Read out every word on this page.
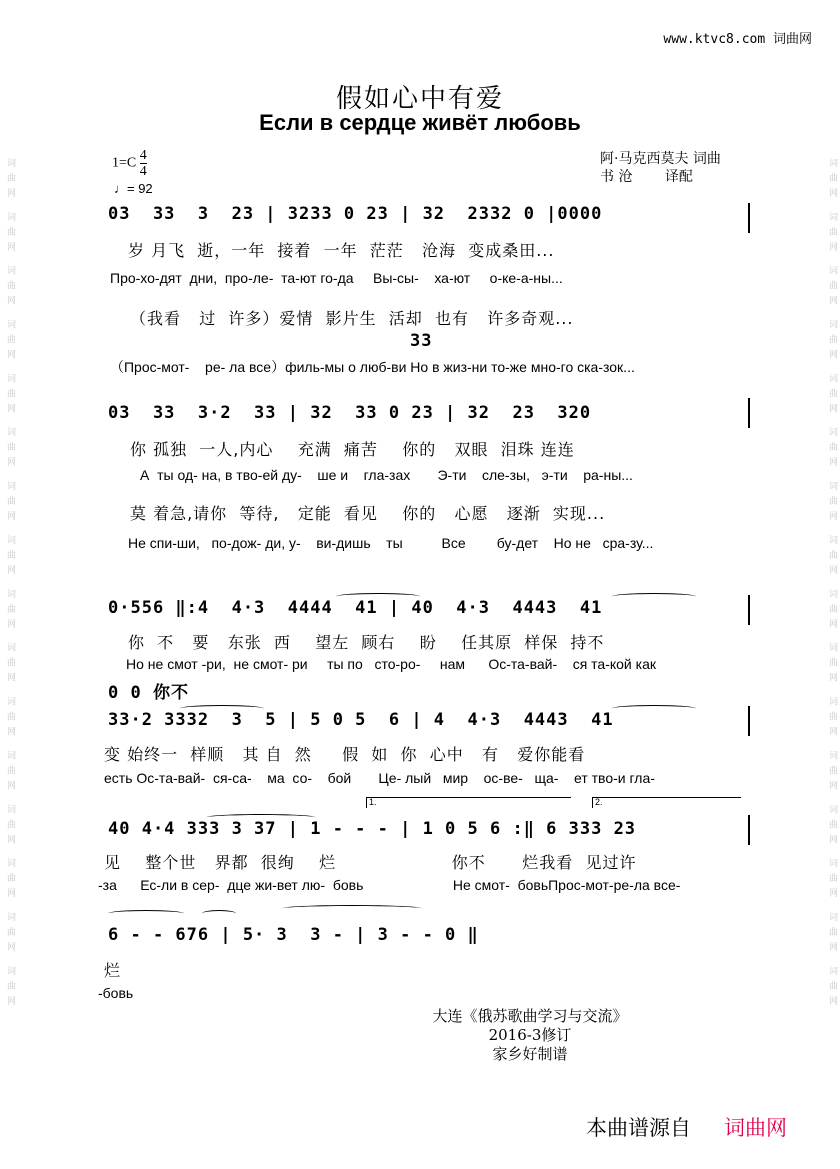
词曲网 词曲网 词曲网 词曲网 词曲网 词曲网 词曲网 词曲网 词曲网 词曲网 词曲网 词曲网 词曲网 词曲网 词曲网 词曲网	词曲网 词曲网 词曲网 词曲网 词曲网 词曲网 词曲网 词曲网 词曲网 词曲网 词曲网 词曲网 词曲网 词曲网 词曲网 词曲网
www.ktvc8.com 词曲网
假如心中有爱
Если в сердце живёт любовь
$1=C \frac{4}{4}$
♩= 92
阿·马克西莫夫 词曲
书 沧 译配
03  33  3  23 | 3233 0 23 | 32  2332 0 |0000
岁 月飞  逝，一年  接着  一年  茫茫   沧海  变成桑田...
Про-хо-дят  дни,  про-ле-  та-ют го-да     Вы-сы-    ха-ют     о-ке-а-ны...
（我看   过  许多）爱情  影片生  活却  也有   许多奇观...
33
（Прос-мот-    ре- ла все）филь-мы о люб-ви Но в жиз-ни то-же мно-го ска-зок...
03  33  3·2  33 | 32  33 0 23 | 32  23  320
你 孤独  一人,内心    充满  痛苦    你的   双眼  泪珠 连连
А  ты од- на, в тво-ей ду-    ше и    гла-зах       Э-ти    сле-зы,   э-ти    ра-ны...
莫 着急,请你  等待,   定能  看见    你的   心愿   逐渐  实现...
Не спи-ши,   по-дож- ди, у-    ви-дишь    ты          Все        бу-дет    Но не   сра-зу...
0·556 ‖:4  4·3  4444  41 | 40  4·3  4443  41
你  不   要   东张  西    望左  顾右    盼    任其原  样保  持不
Но не смот -ри,  не смот- ри     ты по   сто-ро-     нам      Ос-та-вай-    ся та-кой как
0 0 你不
33·2 3332  3  5 | 5 0 5  6 | 4  4·3  4443  41
变 始终一  样顺   其 自  然     假  如  你  心中   有   爱你能看
есть Ос-та-вай-  ся-са-    ма  со-    бой       Це- лый   мир    ос-ве-   ща-    ет тво-и гла-
1.	2.
40 4·4 333 3 37 | 1 - - - | 1 0 5 6 :‖ 6 333 23
见    整个世   界都  很绚    烂                   你不      烂我看  见过许
-за      Ес-ли в сер-  дце жи-вет лю-  бовь                       Не смот-  бовьПрос-мот-ре-ла все-
6 - - 676 | 5· 3  3 - | 3 - - 0 ‖
烂
-бовь
大连《俄苏歌曲学习与交流》
2016-3修订
家乡好制谱
本曲谱源自 词曲网
